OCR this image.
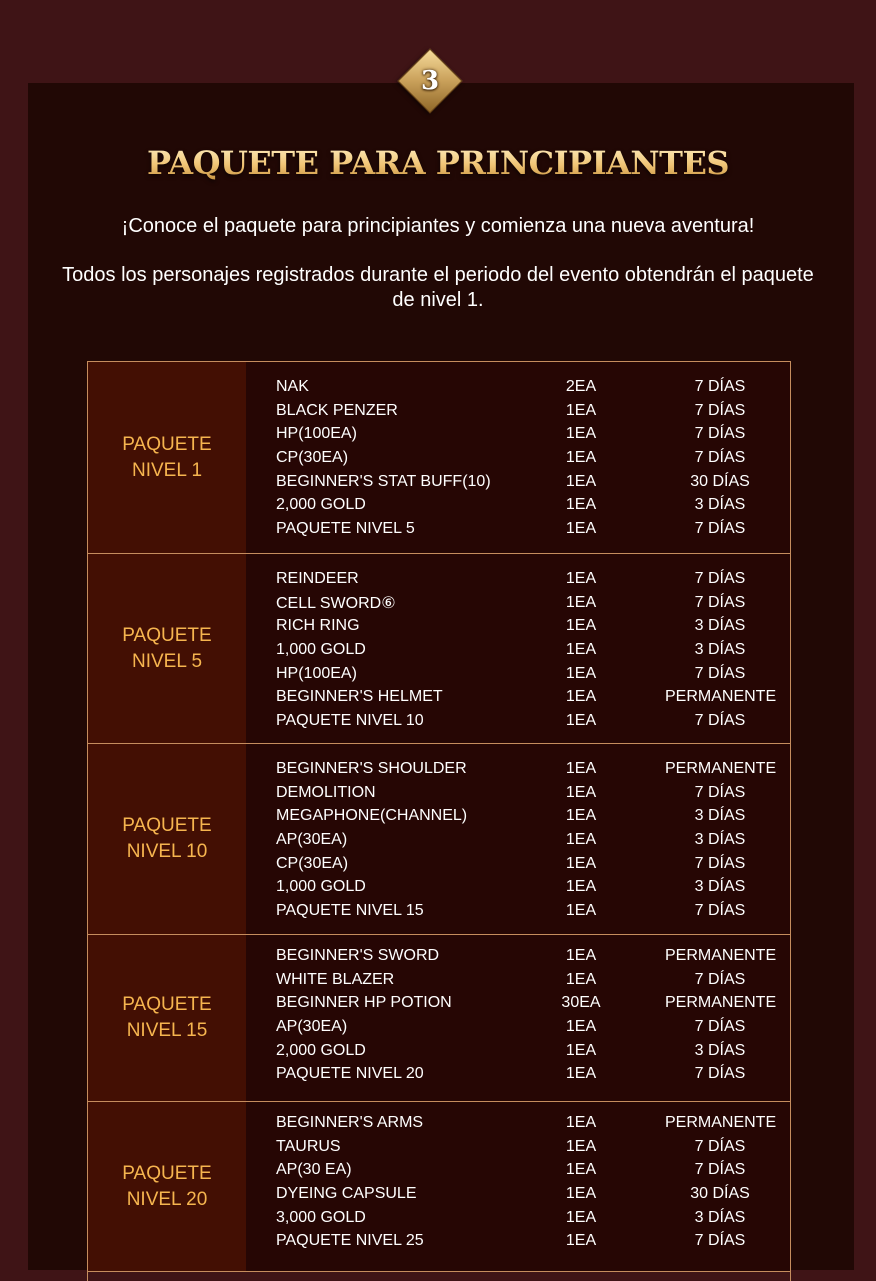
3
PAQUETE PARA PRINCIPIANTES

¡Conoce el paquete para principiantes y comienza una nueva aventura!

Todos los personajes registrados durante el periodo del evento obtendrán el paquete de nivel 1.

PAQUETE NIVEL 1
NAK	2EA	7 DÍAS
BLACK PENZER	1EA	7 DÍAS
HP(100EA)	1EA	7 DÍAS
CP(30EA)	1EA	7 DÍAS
BEGINNER'S STAT BUFF(10)	1EA	30 DÍAS
2,000 GOLD	1EA	3 DÍAS
PAQUETE NIVEL 5	1EA	7 DÍAS
PAQUETE NIVEL 5
REINDEER	1EA	7 DÍAS
CELL SWORD⑥	1EA	7 DÍAS
RICH RING	1EA	3 DÍAS
1,000 GOLD	1EA	3 DÍAS
HP(100EA)	1EA	7 DÍAS
BEGINNER'S HELMET	1EA	PERMANENTE
PAQUETE NIVEL 10	1EA	7 DÍAS
PAQUETE NIVEL 10
BEGINNER'S SHOULDER	1EA	PERMANENTE
DEMOLITION	1EA	7 DÍAS
MEGAPHONE(CHANNEL)	1EA	3 DÍAS
AP(30EA)	1EA	3 DÍAS
CP(30EA)	1EA	7 DÍAS
1,000 GOLD	1EA	3 DÍAS
PAQUETE NIVEL 15	1EA	7 DÍAS
PAQUETE NIVEL 15
BEGINNER'S SWORD	1EA	PERMANENTE
WHITE BLAZER	1EA	7 DÍAS
BEGINNER HP POTION	30EA	PERMANENTE
AP(30EA)	1EA	7 DÍAS
2,000 GOLD	1EA	3 DÍAS
PAQUETE NIVEL 20	1EA	7 DÍAS
PAQUETE NIVEL 20
BEGINNER'S ARMS	1EA	PERMANENTE
TAURUS	1EA	7 DÍAS
AP(30 EA)	1EA	7 DÍAS
DYEING CAPSULE	1EA	30 DÍAS
3,000 GOLD	1EA	3 DÍAS
PAQUETE NIVEL 25	1EA	7 DÍAS
